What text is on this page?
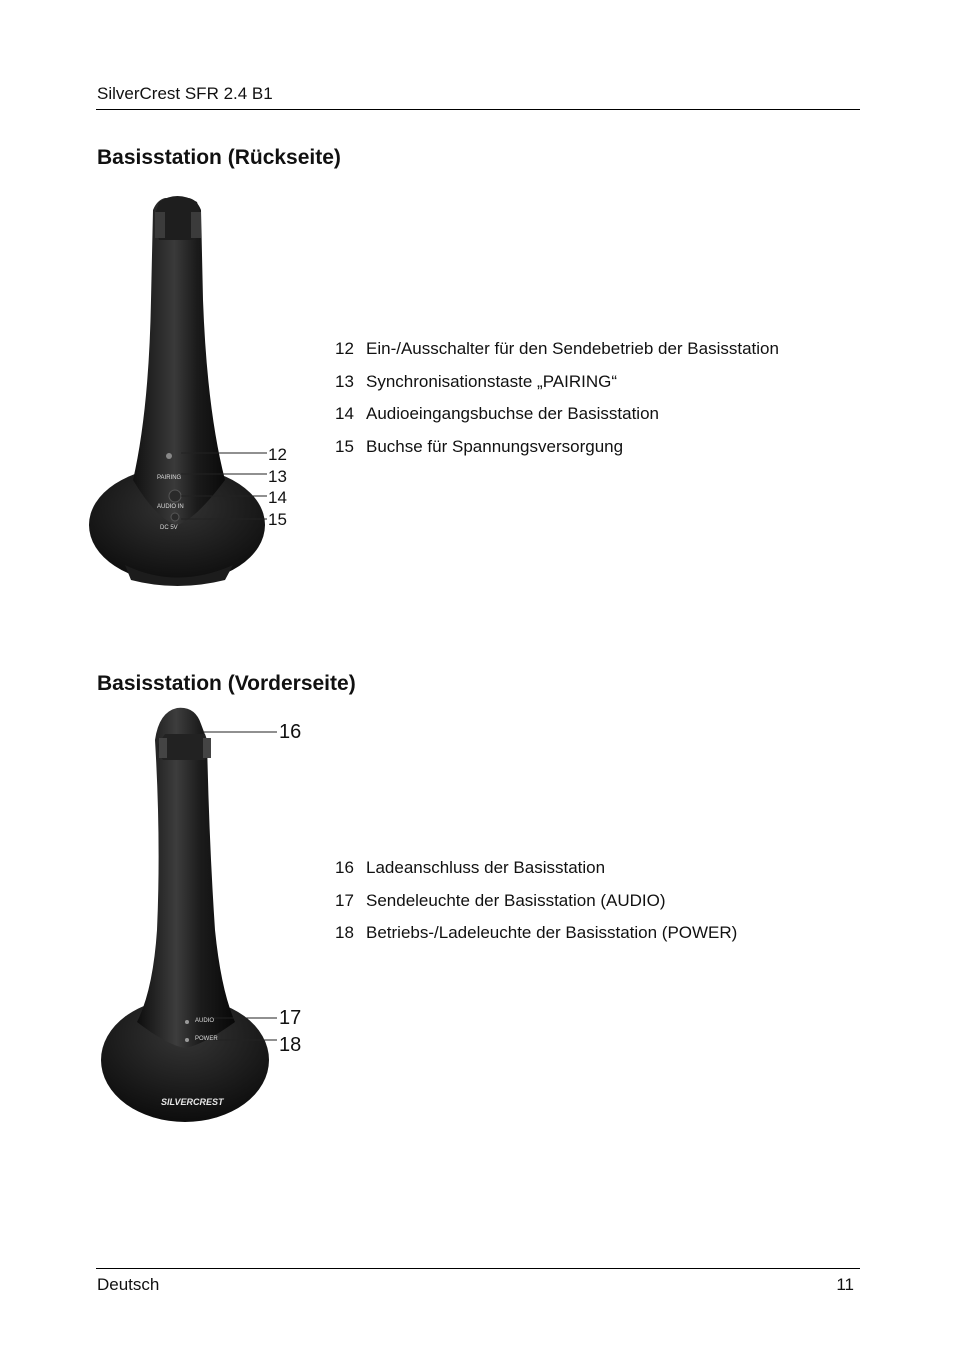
SilverCrest SFR 2.4 B1
Basisstation (Rückseite)
PAIRING
AUDIO IN
DC 5V
12
13
14
15
12 Ein-/Ausschalter für den Sendebetrieb der Basisstation
13 Synchronisationstaste „PAIRING“
14 Audioeingangsbuchse der Basisstation
15 Buchse für Spannungsversorgung
Basisstation (Vorderseite)
AUDIO
POWER
SILVERCREST
16
17
18
16 Ladeanschluss der Basisstation
17 Sendeleuchte der Basisstation (AUDIO)
18 Betriebs-/Ladeleuchte der Basisstation (POWER)
Deutsch	11
